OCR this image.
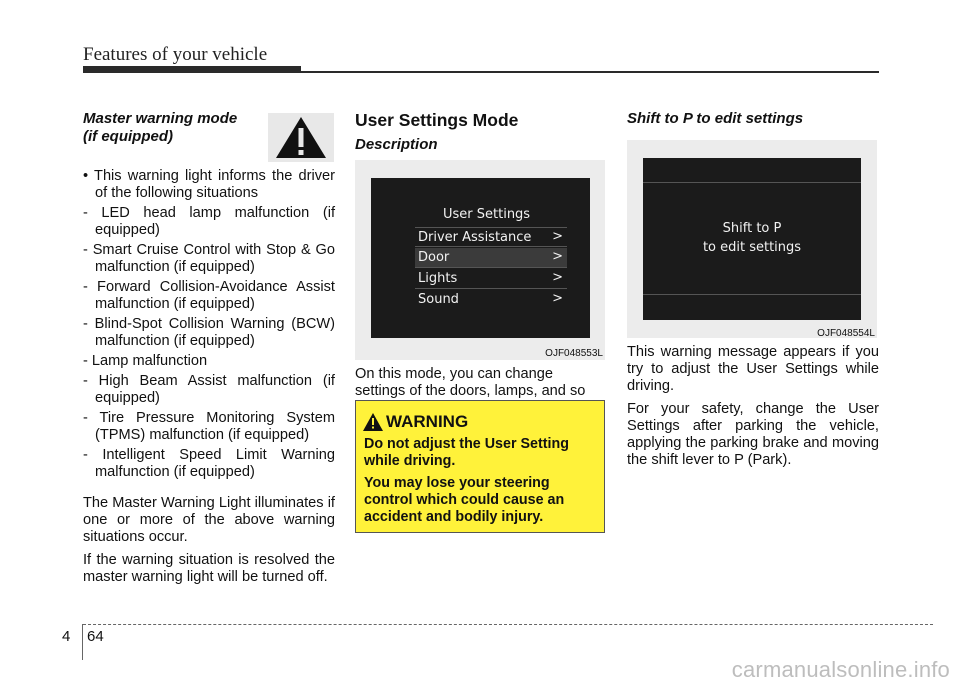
Features of your vehicle
Master warning mode
(if equipped)
• This warning light informs the driver of the following situations
- LED head lamp malfunction (if equipped)
- Smart Cruise Control with Stop & Go malfunction (if equipped)
- Forward Collision-Avoidance Assist malfunction (if equipped)
- Blind-Spot Collision Warning (BCW) malfunction (if equipped)
- Lamp malfunction
- High Beam Assist malfunction (if equipped)
- Tire Pressure Monitoring System (TPMS) malfunction (if equipped)
- Intelligent Speed Limit Warning malfunction (if equipped)

The Master Warning Light illuminates if one or more of the above warning situations occur.

If the warning situation is resolved the master warning light will be turned off.

User Settings Mode
Description
User Settings
Driver Assistance >
Door	>
Lights	>
Sound	>
OJF048553L

On this mode, you can change settings of the doors, lamps, and so

WARNING
Do not adjust the User Setting while driving.
You may lose your steering control which could cause an accident and bodily injury.
Shift to P to edit settings
Shift to P
to edit settings
OJF048554L

This warning message appears if you try to adjust the User Settings while driving.

For your safety, change the User Settings after parking the vehicle, applying the parking brake and moving the shift lever to P (Park).

4 64
carmanualsonline.info
